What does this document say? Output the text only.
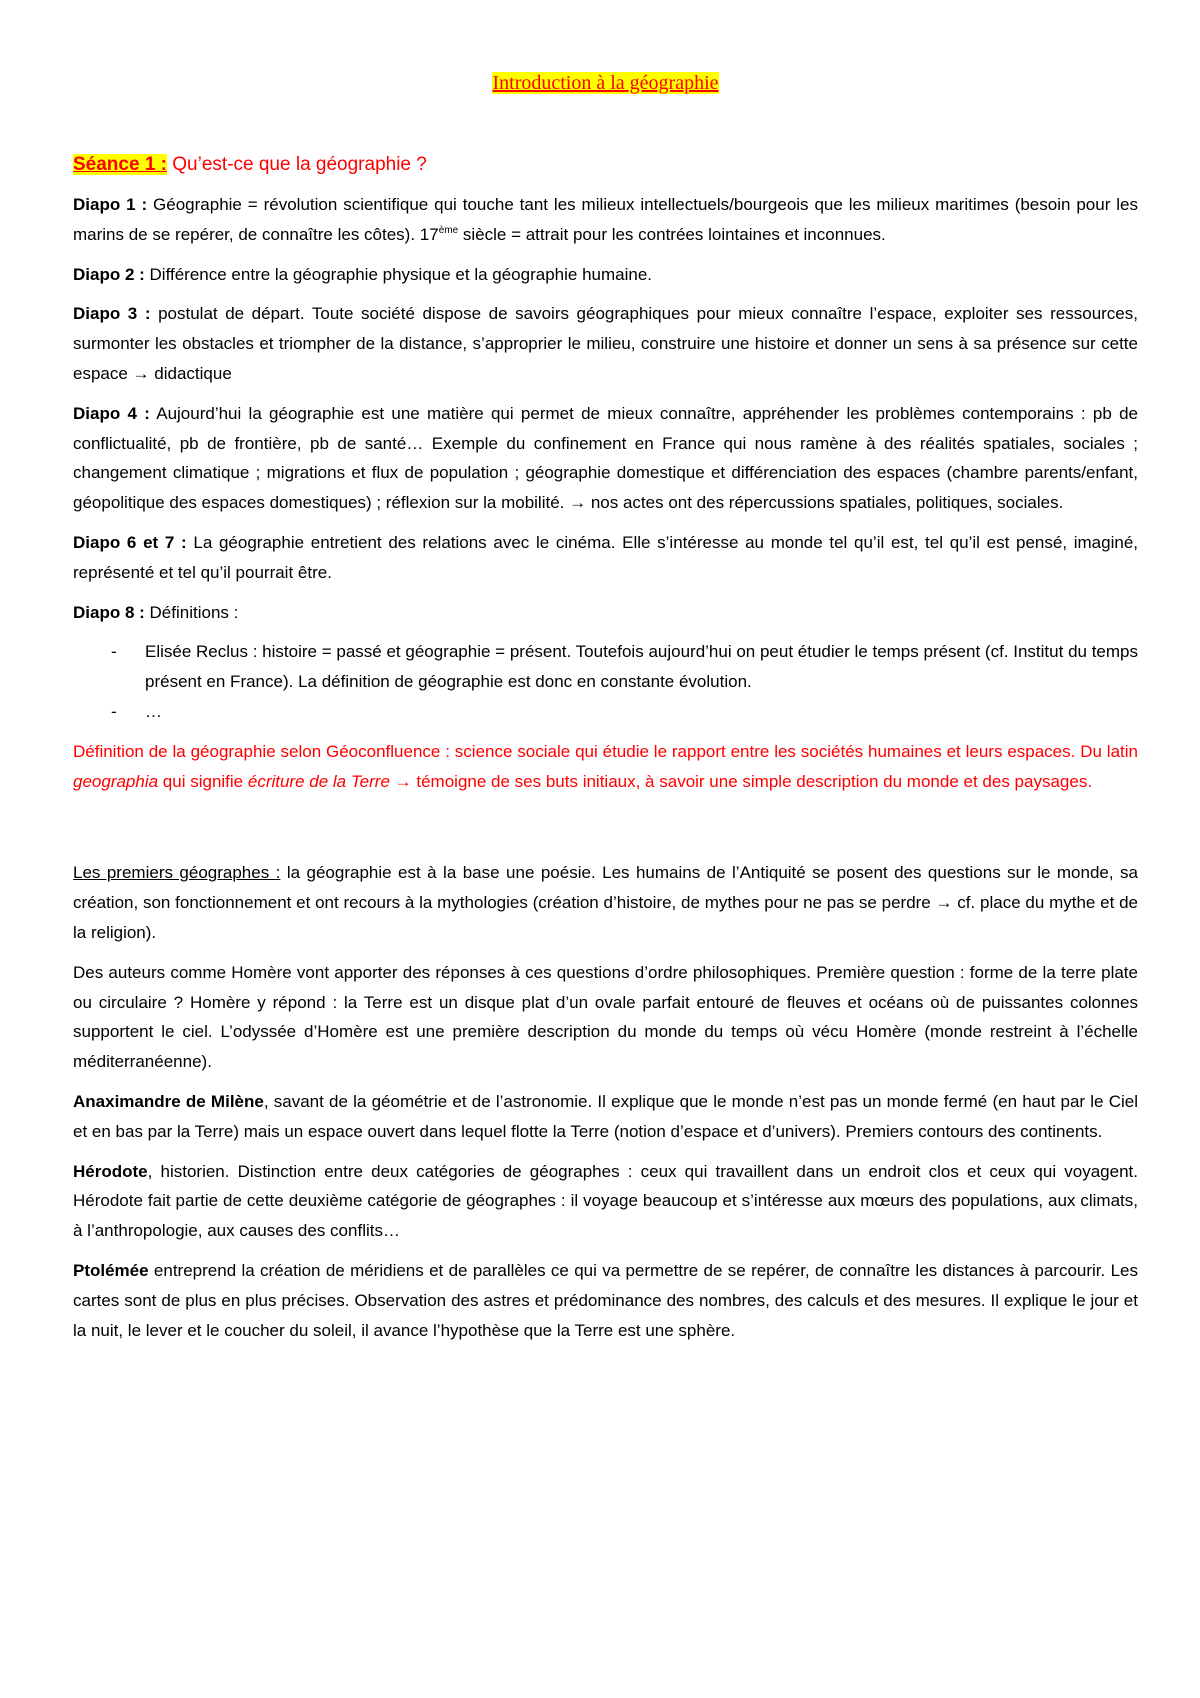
Introduction à la géographie
Séance 1 : Qu’est-ce que la géographie ?

Diapo 1 : Géographie = révolution scientifique qui touche tant les milieux intellectuels/bourgeois que les milieux maritimes (besoin pour les marins de se repérer, de connaître les côtes). 17ème siècle = attrait pour les contrées lointaines et inconnues.

Diapo 2 : Différence entre la géographie physique et la géographie humaine.

Diapo 3 : postulat de départ. Toute société dispose de savoirs géographiques pour mieux connaître l’espace, exploiter ses ressources, surmonter les obstacles et triompher de la distance, s’approprier le milieu, construire une histoire et donner un sens à sa présence sur cette espace → didactique

Diapo 4 : Aujourd’hui la géographie est une matière qui permet de mieux connaître, appréhender les problèmes contemporains : pb de conflictualité, pb de frontière, pb de santé… Exemple du confinement en France qui nous ramène à des réalités spatiales, sociales ; changement climatique ; migrations et flux de population ; géographie domestique et différenciation des espaces (chambre parents/enfant, géopolitique des espaces domestiques) ; réflexion sur la mobilité. → nos actes ont des répercussions spatiales, politiques, sociales.

Diapo 6 et 7 : La géographie entretient des relations avec le cinéma. Elle s’intéresse au monde tel qu’il est, tel qu’il est pensé, imaginé, représenté et tel qu’il pourrait être.

Diapo 8 : Définitions :

- Elisée Reclus : histoire = passé et géographie = présent. Toutefois aujourd’hui on peut étudier le temps présent (cf. Institut du temps présent en France). La définition de géographie est donc en constante évolution.
- …

Définition de la géographie selon Géoconfluence : science sociale qui étudie le rapport entre les sociétés humaines et leurs espaces. Du latin geographia qui signifie écriture de la Terre → témoigne de ses buts initiaux, à savoir une simple description du monde et des paysages.

Les premiers géographes : la géographie est à la base une poésie. Les humains de l’Antiquité se posent des questions sur le monde, sa création, son fonctionnement et ont recours à la mythologies (création d’histoire, de mythes pour ne pas se perdre → cf. place du mythe et de la religion).

Des auteurs comme Homère vont apporter des réponses à ces questions d’ordre philosophiques. Première question : forme de la terre plate ou circulaire ? Homère y répond : la Terre est un disque plat d’un ovale parfait entouré de fleuves et océans où de puissantes colonnes supportent le ciel. L’odyssée d’Homère est une première description du monde du temps où vécu Homère (monde restreint à l’échelle méditerranéenne).

Anaximandre de Milène, savant de la géométrie et de l’astronomie. Il explique que le monde n’est pas un monde fermé (en haut par le Ciel et en bas par la Terre) mais un espace ouvert dans lequel flotte la Terre (notion d’espace et d’univers). Premiers contours des continents.

Hérodote, historien. Distinction entre deux catégories de géographes : ceux qui travaillent dans un endroit clos et ceux qui voyagent. Hérodote fait partie de cette deuxième catégorie de géographes : il voyage beaucoup et s’intéresse aux mœurs des populations, aux climats, à l’anthropologie, aux causes des conflits…

Ptolémée entreprend la création de méridiens et de parallèles ce qui va permettre de se repérer, de connaître les distances à parcourir. Les cartes sont de plus en plus précises. Observation des astres et prédominance des nombres, des calculs et des mesures. Il explique le jour et la nuit, le lever et le coucher du soleil, il avance l’hypothèse que la Terre est une sphère.
